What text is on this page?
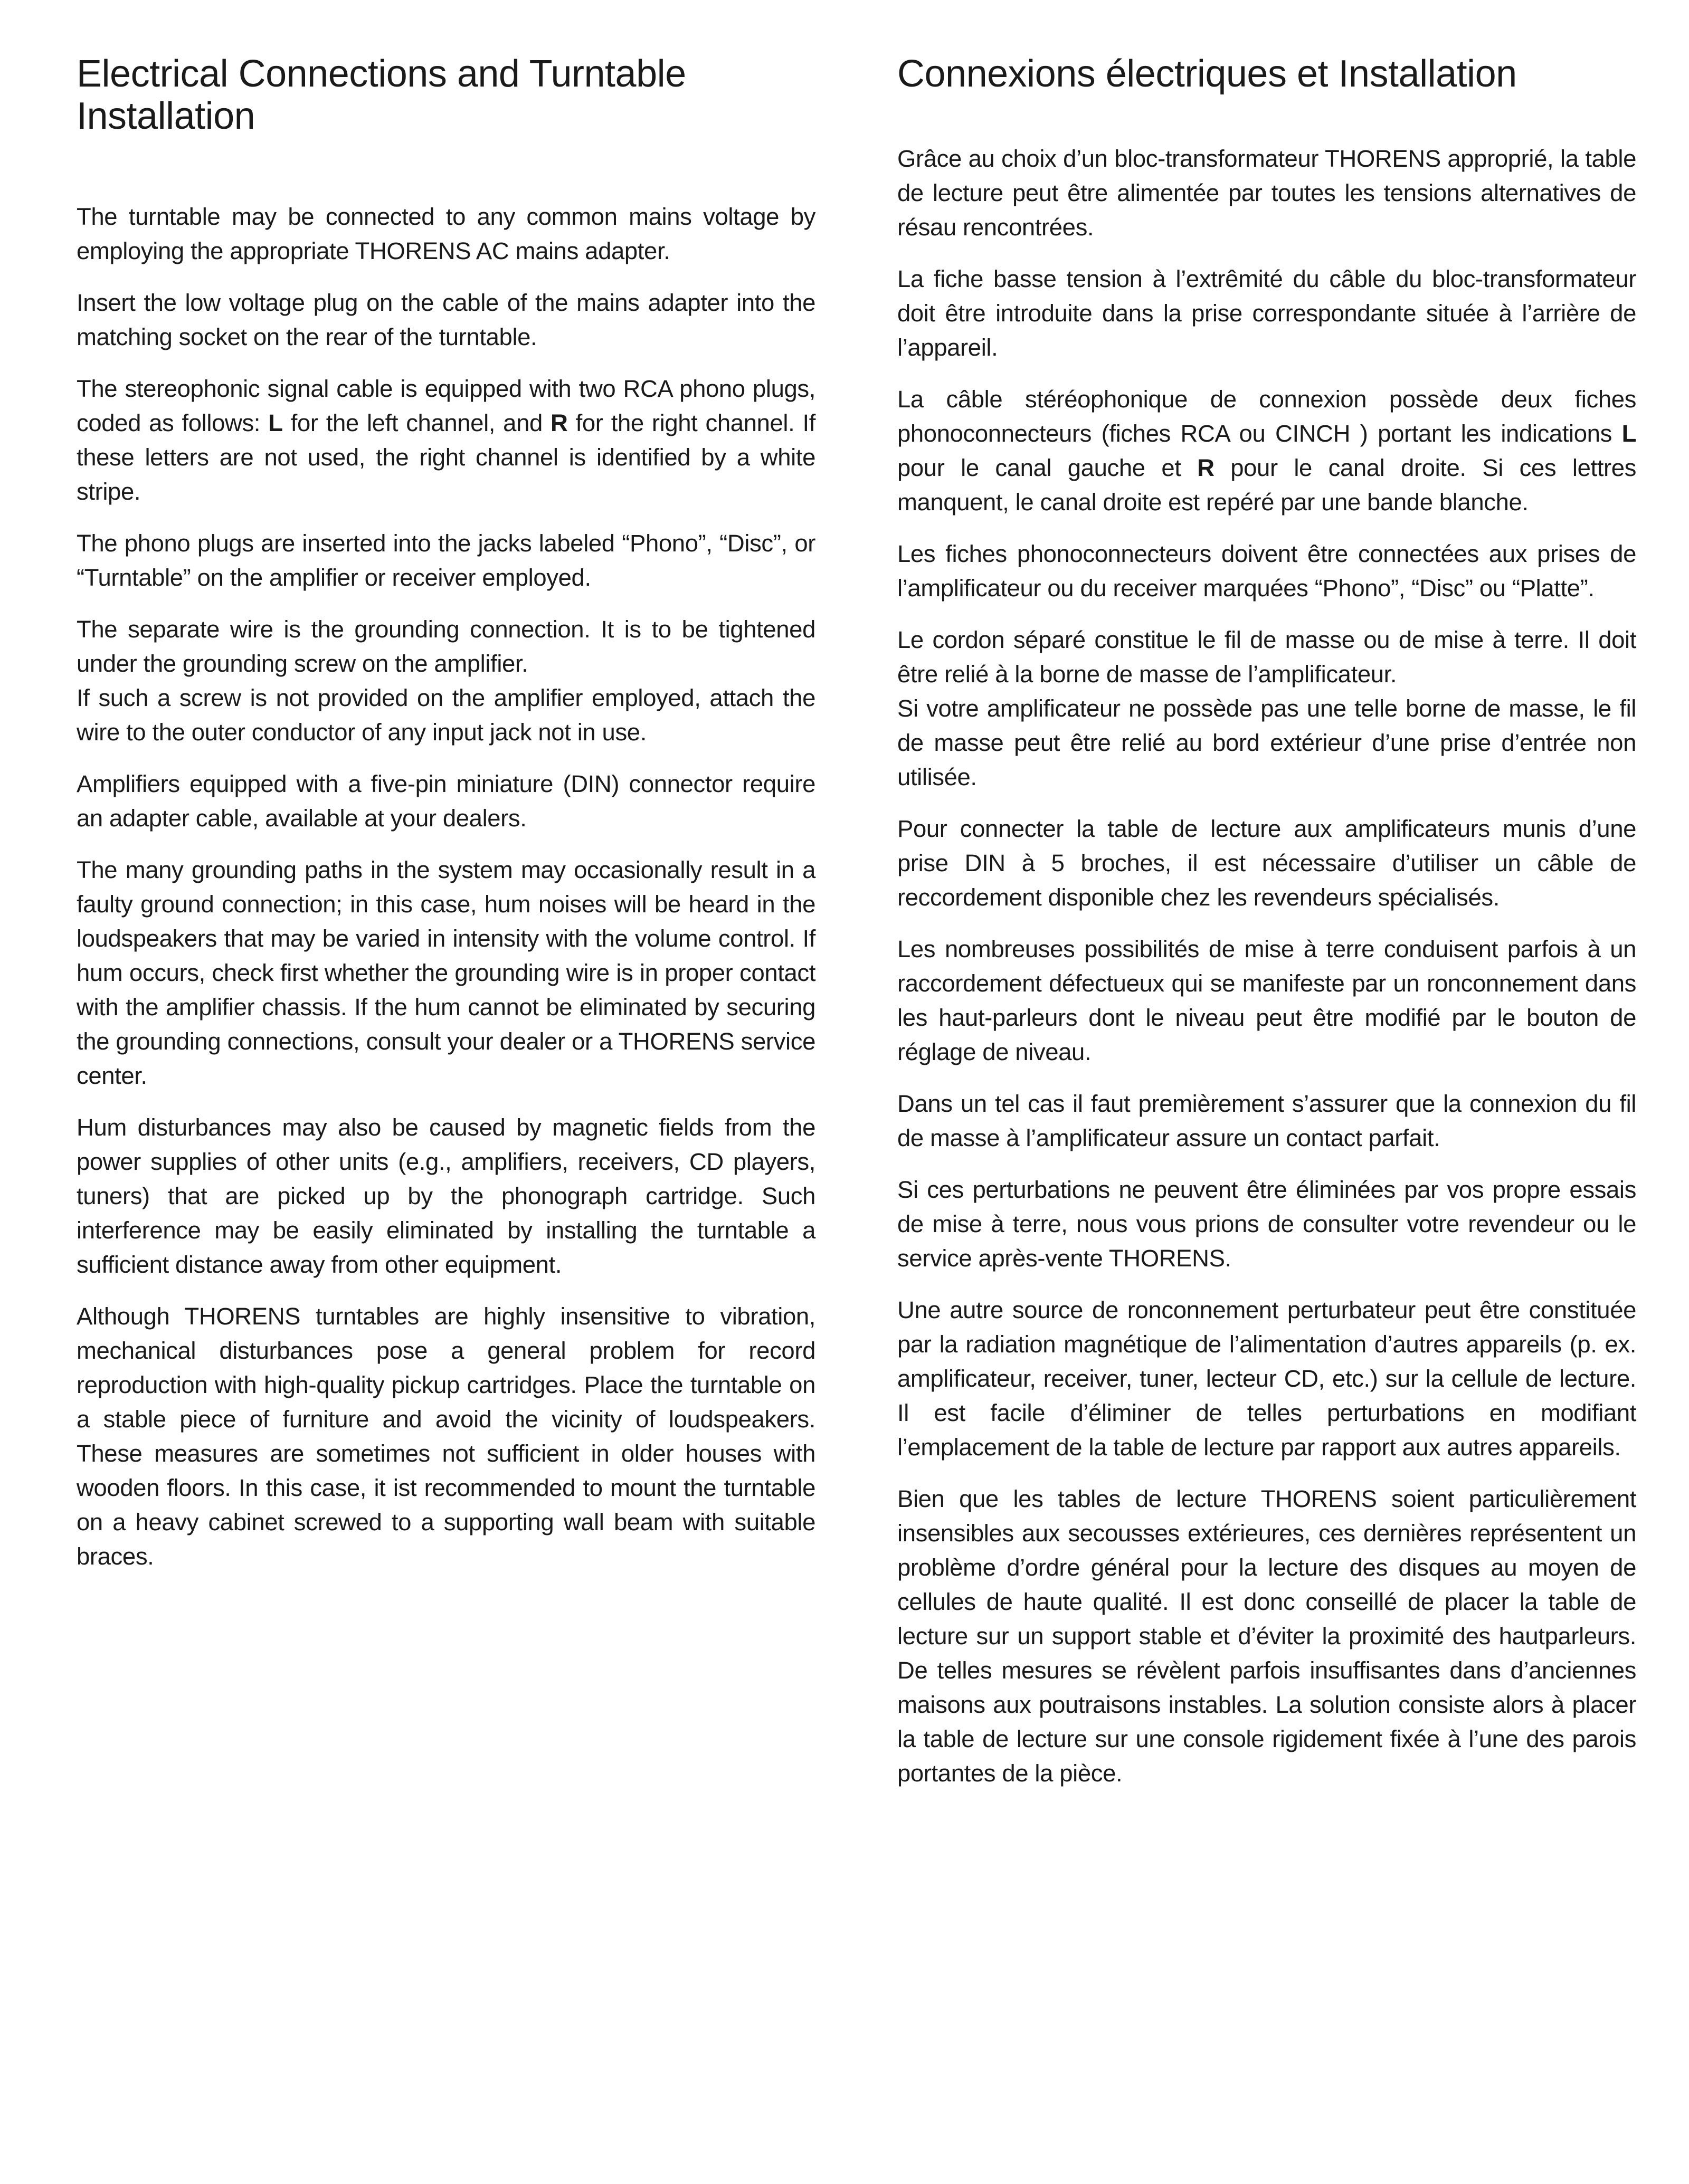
Electrical Connections and Turntable Installation

The turntable may be connected to any common mains voltage by employing the appropriate THORENS AC mains adapter.

Insert the low voltage plug on the cable of the mains adapter into the matching socket on the rear of the turntable.

The stereophonic signal cable is equipped with two RCA phono plugs, coded as follows: L for the left channel, and R for the right channel. If these letters are not used, the right channel is identified by a white stripe.

The phono plugs are inserted into the jacks labeled “Phono”, “Disc”, or “Turntable” on the amplifier or receiver employed.

The separate wire is the grounding connection. It is to be tightened under the grounding screw on the amplifier.

If such a screw is not provided on the amplifier employed, attach the wire to the outer conductor of any input jack not in use.

Amplifiers equipped with a five-pin miniature (DIN) connector require an adapter cable, available at your dealers.

The many grounding paths in the system may occasionally result in a faulty ground connection; in this case, hum noises will be heard in the loudspeakers that may be varied in intensity with the volume control. If hum occurs, check first whether the grounding wire is in proper contact with the amplifier chassis. If the hum cannot be eliminated by securing the grounding connections, consult your dealer or a THORENS service center.

Hum disturbances may also be caused by magnetic fields from the power supplies of other units (e.g., amplifiers, receivers, CD players, tuners) that are picked up by the phonograph cartridge. Such interference may be easily eliminated by installing the turntable a sufficient distance away from other equipment.

Although THORENS turntables are highly insensitive to vibration, mechanical disturbances pose a general problem for record reproduction with high-quality pickup cartridges. Place the turntable on a stable piece of furniture and avoid the vicinity of loudspeakers. These measures are sometimes not sufficient in older houses with wooden floors. In this case, it ist recommended to mount the turntable on a heavy cabinet screwed to a supporting wall beam with suitable braces.

Connexions électriques et Installation

Grâce au choix d’un bloc-transformateur THORENS approprié, la table de lecture peut être alimentée par toutes les tensions alternatives de résau rencontrées.

La fiche basse tension à l’extrêmité du câble du bloc-transformateur doit être introduite dans la prise correspondante située à l’arrière de l’appareil.

La câble stéréophonique de connexion possède deux fiches phonoconnecteurs (fiches RCA ou CINCH ) portant les indications L pour le canal gauche et R pour le canal droite. Si ces lettres manquent, le canal droite est repéré par une bande blanche.

Les fiches phonoconnecteurs doivent être connectées aux prises de l’amplificateur ou du receiver marquées “Phono”, “Disc” ou “Platte”.

Le cordon séparé constitue le fil de masse ou de mise à terre. Il doit être relié à la borne de masse de l’amplificateur.

Si votre amplificateur ne possède pas une telle borne de masse, le fil de masse peut être relié au bord extérieur d’une prise d’entrée non utilisée.

Pour connecter la table de lecture aux amplificateurs munis d’une prise DIN à 5 broches, il est nécessaire d’utiliser un câble de reccordement disponible chez les revendeurs spécialisés.

Les nombreuses possibilités de mise à terre conduisent parfois à un raccordement défectueux qui se manifeste par un ronconnement dans les haut-parleurs dont le niveau peut être modifié par le bouton de réglage de niveau.

Dans un tel cas il faut premièrement s’assurer que la connexion du fil de masse à l’amplificateur assure un contact parfait.

Si ces perturbations ne peuvent être éliminées par vos propre essais de mise à terre, nous vous prions de consulter votre revendeur ou le service après-vente THORENS.

Une autre source de ronconnement perturbateur peut être constituée par la radiation magnétique de l’alimentation d’autres appareils (p. ex. amplificateur, receiver, tuner, lecteur CD, etc.) sur la cellule de lecture. Il est facile d’éliminer de telles perturbations en modifiant l’emplacement de la table de lecture par rapport aux autres appareils.

Bien que les tables de lecture THORENS soient particulièrement insensibles aux secousses extérieures, ces dernières représentent un problème d’ordre général pour la lecture des disques au moyen de cellules de haute qualité. Il est donc conseillé de placer la table de lecture sur un support stable et d’éviter la proximité des hautparleurs. De telles mesures se révèlent parfois insuffisantes dans d’anciennes maisons aux poutraisons instables. La solution consiste alors à placer la table de lecture sur une console rigidement fixée à l’une des parois portantes de la pièce.
